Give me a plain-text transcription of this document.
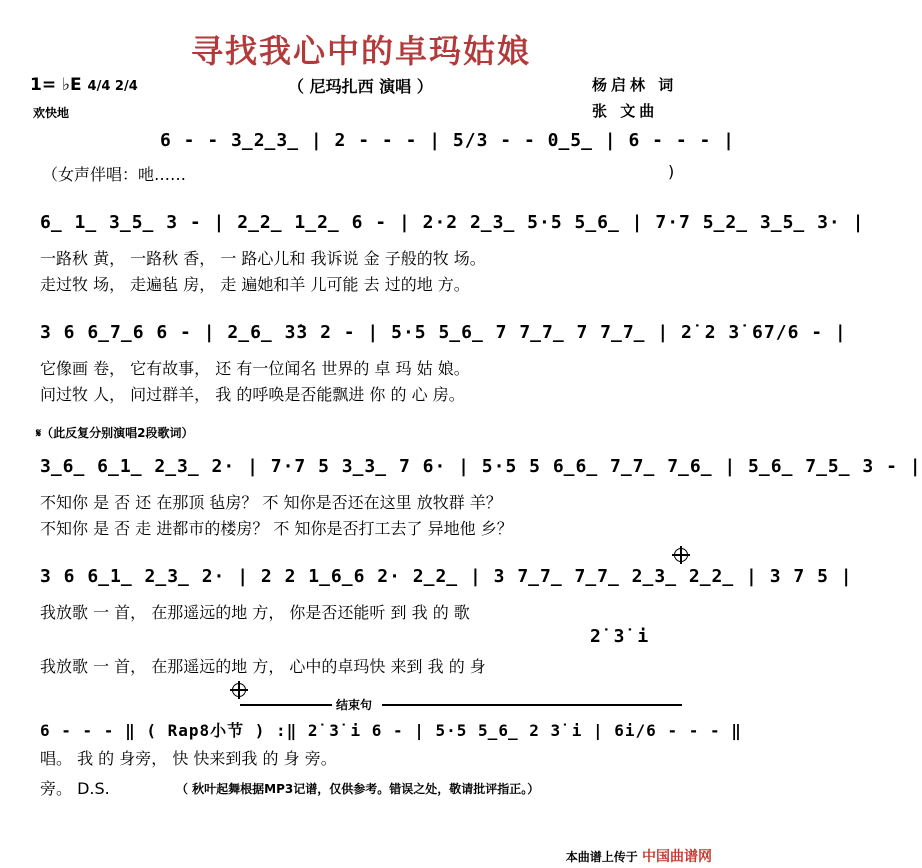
寻找我心中的卓玛姑娘
（ 尼玛扎西 演唱 ）	杨启林 词
张 文曲
1= ♭E 4/4 2/4
欢快地
6 - - 3̲2̲3̲ | 2 - - - | 5/3 - - 0̲5̲ | 6 - - - |
（女声伴唱：吔……	)
6̲ 1̲ 3̲5̲ 3 - | 2̲2̲ 1̲2̲ 6 - | 2·2 2̲3̲ 5·5 5̲6̲ | 7·7 5̲2̲ 3̲5̲ 3· |
一路秋 黄， 一路秋 香， 一 路心儿和 我诉说 金 子般的牧 场。
走过牧 场， 走遍毡 房， 走 遍她和羊 儿可能 去 过的地 方。
3 6 6̲7̲6 6 - | 2̲6̲ 3̇3 2 - | 5·5 5̲6̲ 7 7̲7̲ 7 7̲7̲ | 2̇ 2 3̇ 67/6 - |
它像画 卷， 它有故事， 还 有一位闻名 世界的 卓 玛 姑 娘。
问过牧 人， 问过群羊， 我 的呼唤是否能飘进 你 的 心 房。
𝄋（此反复分别演唱2段歌词）
3̲6̲ 6̲1̲ 2̲3̲ 2· | 7·7 5 3̲3̲ 7 6· | 5·5 5 6̲6̲ 7̲7̲ 7̲6̲ | 5̲6̲ 7̲5̲ 3 - |
不知你 是 否 还 在那顶 毡房？ 不 知你是否还在这里 放牧群 羊？
不知你 是 否 走 进都市的楼房？ 不 知你是否打工去了 异地他 乡？
3 6 6̲1̲ 2̲3̲ 2· | 2 2 1̲6̲6 2· 2̲2̲ | 3 7̲7̲ 7̲7̲ 2̲3̲ 2̲2̲ | 3 7 5 |
我放歌 一 首， 在那遥远的地 方， 你是否还能听 到 我 的 歌
2̇ 3̇ i
我放歌 一 首， 在那遥远的地 方， 心中的卓玛快 来到 我 的 身
结束句
6 - - - ‖ ( Rap8小节 ) :‖ 2̇ 3̇ i 6 - | 5·5 5̲6̲ 2 3̇ i | 6i/6 - - - ‖
唱。 我 的 身旁， 快 快来到我 的 身 旁。
旁。 D.S.	（ 秋叶起舞根据MP3记谱，仅供参考。错误之处，敬请批评指正。）
本曲谱上传于 中国曲谱网
